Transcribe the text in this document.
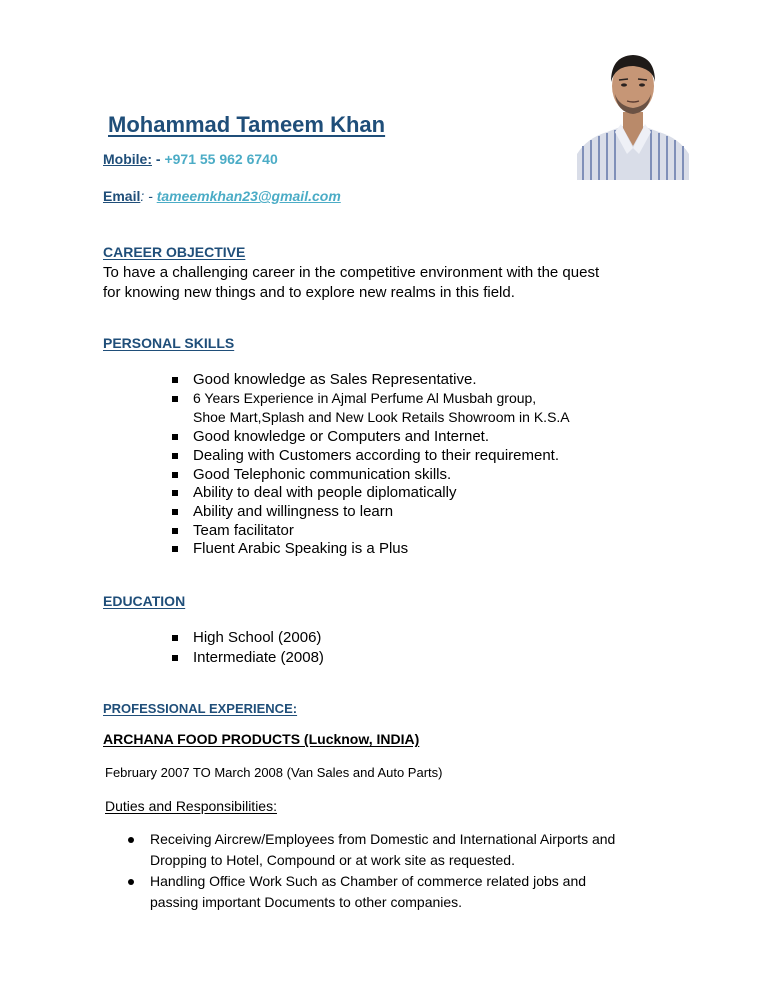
Mohammad Tameem Khan
Mobile: - +971 55 962 6740
Email: - tameemkhan23@gmail.com
CAREER OBJECTIVE
To have a challenging career in the competitive environment with the quest
for knowing new things and to explore new realms in this field.
PERSONAL SKILLS
Good knowledge as Sales Representative.
6 Years Experience in Ajmal Perfume Al Musbah group,
Shoe Mart,Splash and New Look Retails Showroom in K.S.A
Good knowledge or Computers and Internet.
Dealing with Customers according to their requirement.
Good Telephonic communication skills.
Ability to deal with people diplomatically
Ability and willingness to learn
Team facilitator
Fluent Arabic Speaking is a Plus
EDUCATION
High School (2006)
Intermediate (2008)
PROFESSIONAL EXPERIENCE:
ARCHANA FOOD PRODUCTS (Lucknow, INDIA)
February 2007 TO March 2008 (Van Sales and Auto Parts)
Duties and Responsibilities:
Receiving Aircrew/Employees from Domestic and International Airports and
Dropping to Hotel, Compound or at work site as requested.
Handling Office Work Such as Chamber of commerce related jobs and
passing important Documents to other companies.
